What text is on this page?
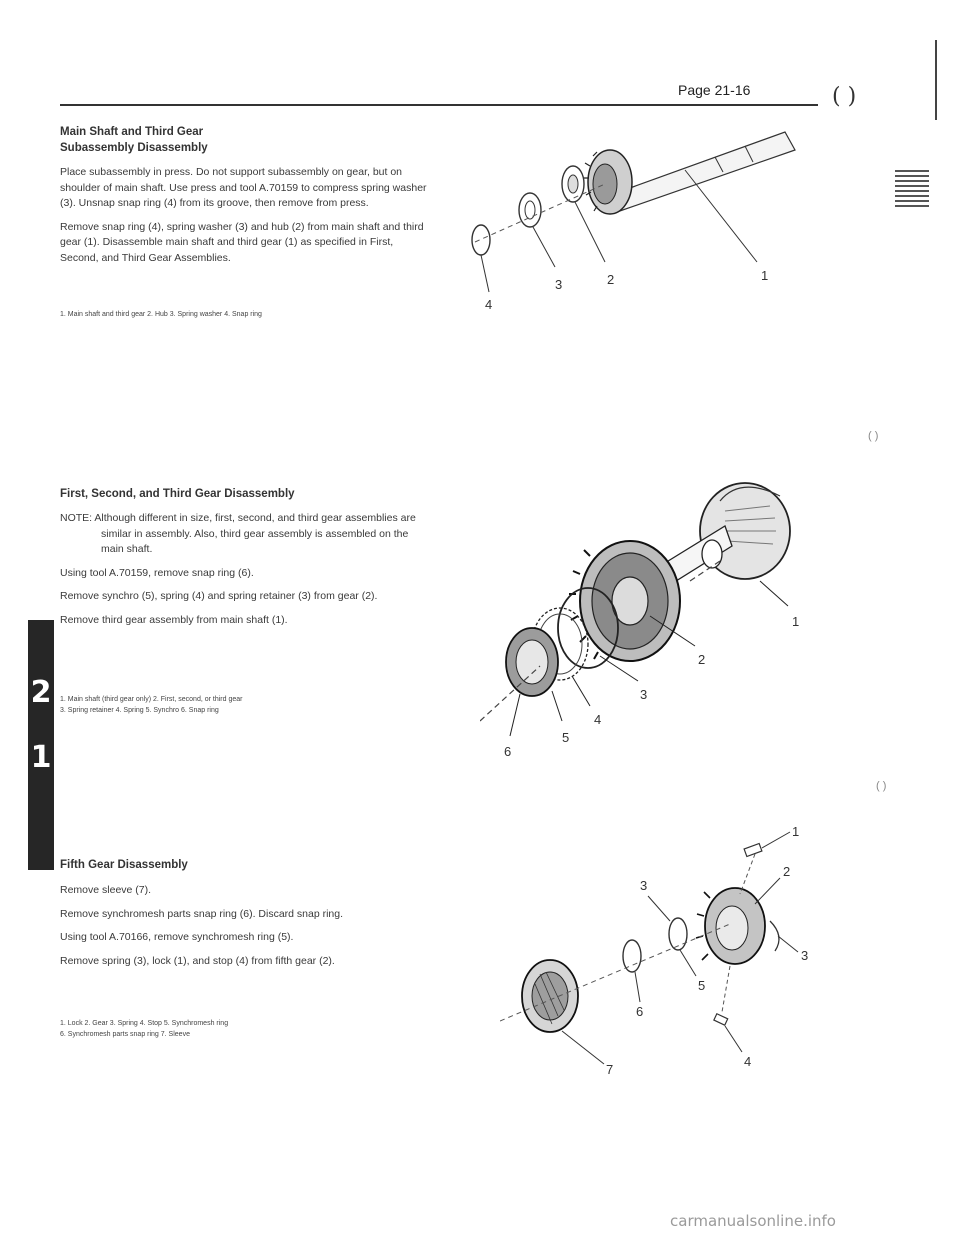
Page 21-16	( )
Main Shaft and Third Gear
Subassembly Disassembly

Place subassembly in press. Do not support subassembly on gear, but on shoulder of main shaft. Use press and tool A.70159 to compress spring washer (3). Unsnap snap ring (4) from its groove, then remove from press.

Remove snap ring (4), spring washer (3) and hub (2) from main shaft and third gear (1). Disassemble main shaft and third gear (1) as specified in First, Second, and Third Gear Assemblies.

1. Main shaft and third gear 2. Hub 3. Spring washer 4. Snap ring
1
2
3
4
First, Second, and Third Gear Disassembly

NOTE: Although different in size, first, second, and third gear assemblies are similar in assembly. Also, third gear assembly is assembled on the main shaft.

Using tool A.70159, remove snap ring (6).

Remove synchro (5), spring (4) and spring retainer (3) from gear (2).

Remove third gear assembly from main shaft (1).

1. Main shaft (third gear only) 2. First, second, or third gear
3. Spring retainer 4. Spring 5. Synchro 6. Snap ring
1
2
3
4
5
6
2
1
Fifth Gear Disassembly

Remove sleeve (7).

Remove synchromesh parts snap ring (6). Discard snap ring.

Using tool A.70166, remove synchromesh ring (5).

Remove spring (3), lock (1), and stop (4) from fifth gear (2).

1. Lock 2. Gear 3. Spring 4. Stop 5. Synchromesh ring
6. Synchromesh parts snap ring 7. Sleeve
1
2
3
3
4
5
6
7
( )
( )
carmanualsonline.info
